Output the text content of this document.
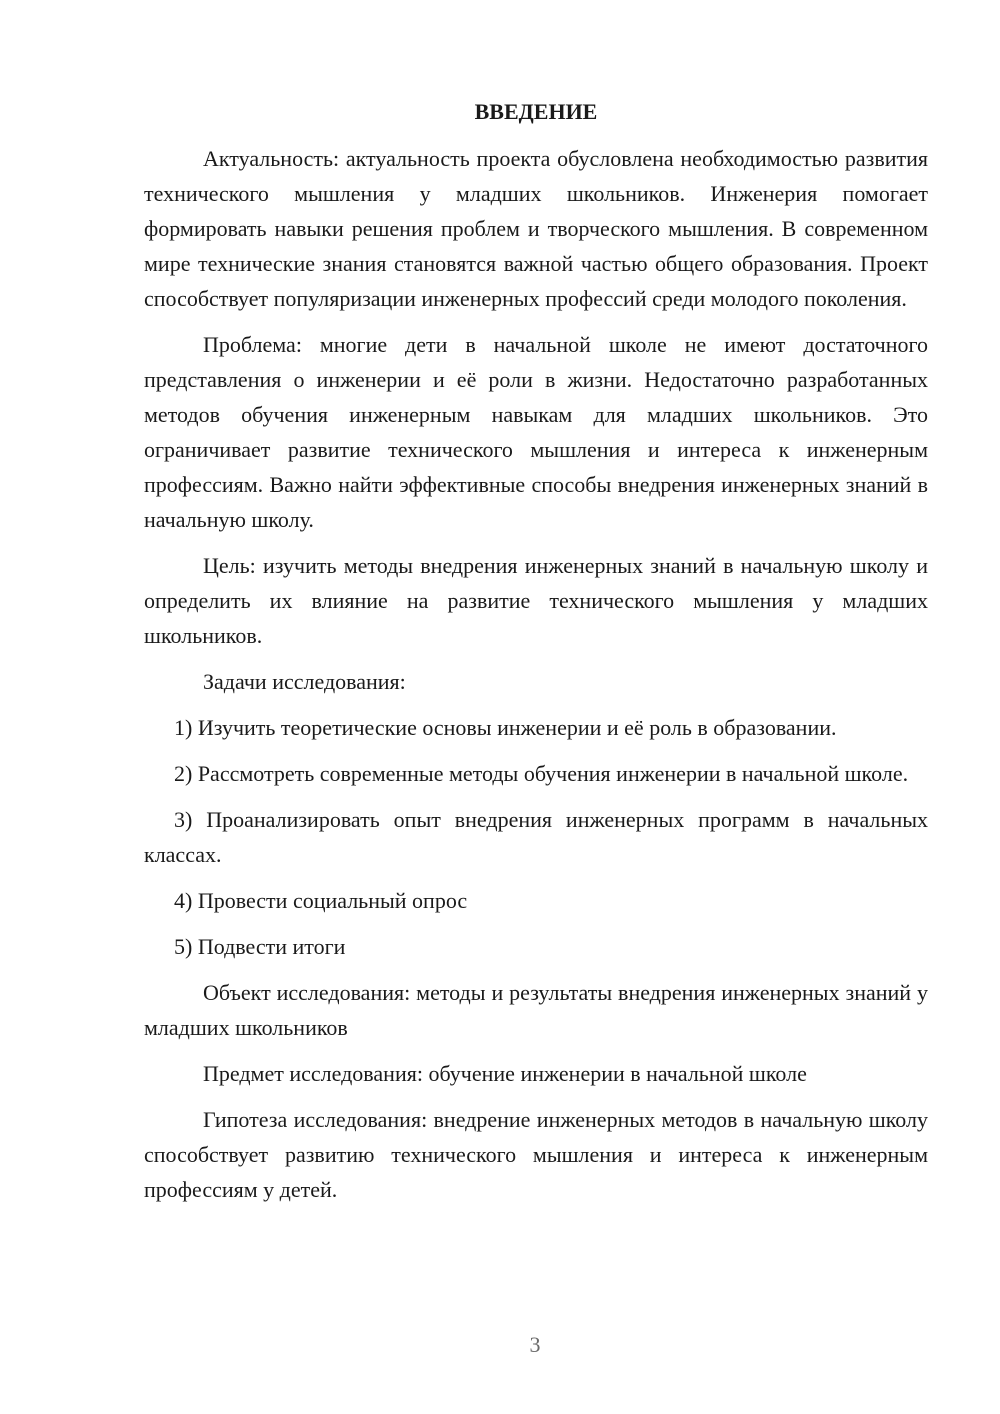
ВВЕДЕНИЕ

Актуальность: актуальность проекта обусловлена необходимостью развития технического мышления у младших школьников. Инженерия помогает формировать навыки решения проблем и творческого мышления. В современном мире технические знания становятся важной частью общего образования. Проект способствует популяризации инженерных профессий среди молодого поколения.

Проблема: многие дети в начальной школе не имеют достаточного представления о инженерии и её роли в жизни. Недостаточно разработанных методов обучения инженерным навыкам для младших школьников. Это ограничивает развитие технического мышления и интереса к инженерным профессиям. Важно найти эффективные способы внедрения инженерных знаний в начальную школу.

Цель: изучить методы внедрения инженерных знаний в начальную школу и определить их влияние на развитие технического мышления у младших школьников.

Задачи исследования:

1) Изучить теоретические основы инженерии и её роль в образовании.

2) Рассмотреть современные методы обучения инженерии в начальной школе.

3) Проанализировать опыт внедрения инженерных программ в начальных классах.

4) Провести социальный опрос

5) Подвести итоги

Объект исследования: методы и результаты внедрения инженерных знаний у младших школьников

Предмет исследования: обучение инженерии в начальной школе

Гипотеза исследования: внедрение инженерных методов в начальную школу способствует развитию технического мышления и интереса к инженерным профессиям у детей.

3
